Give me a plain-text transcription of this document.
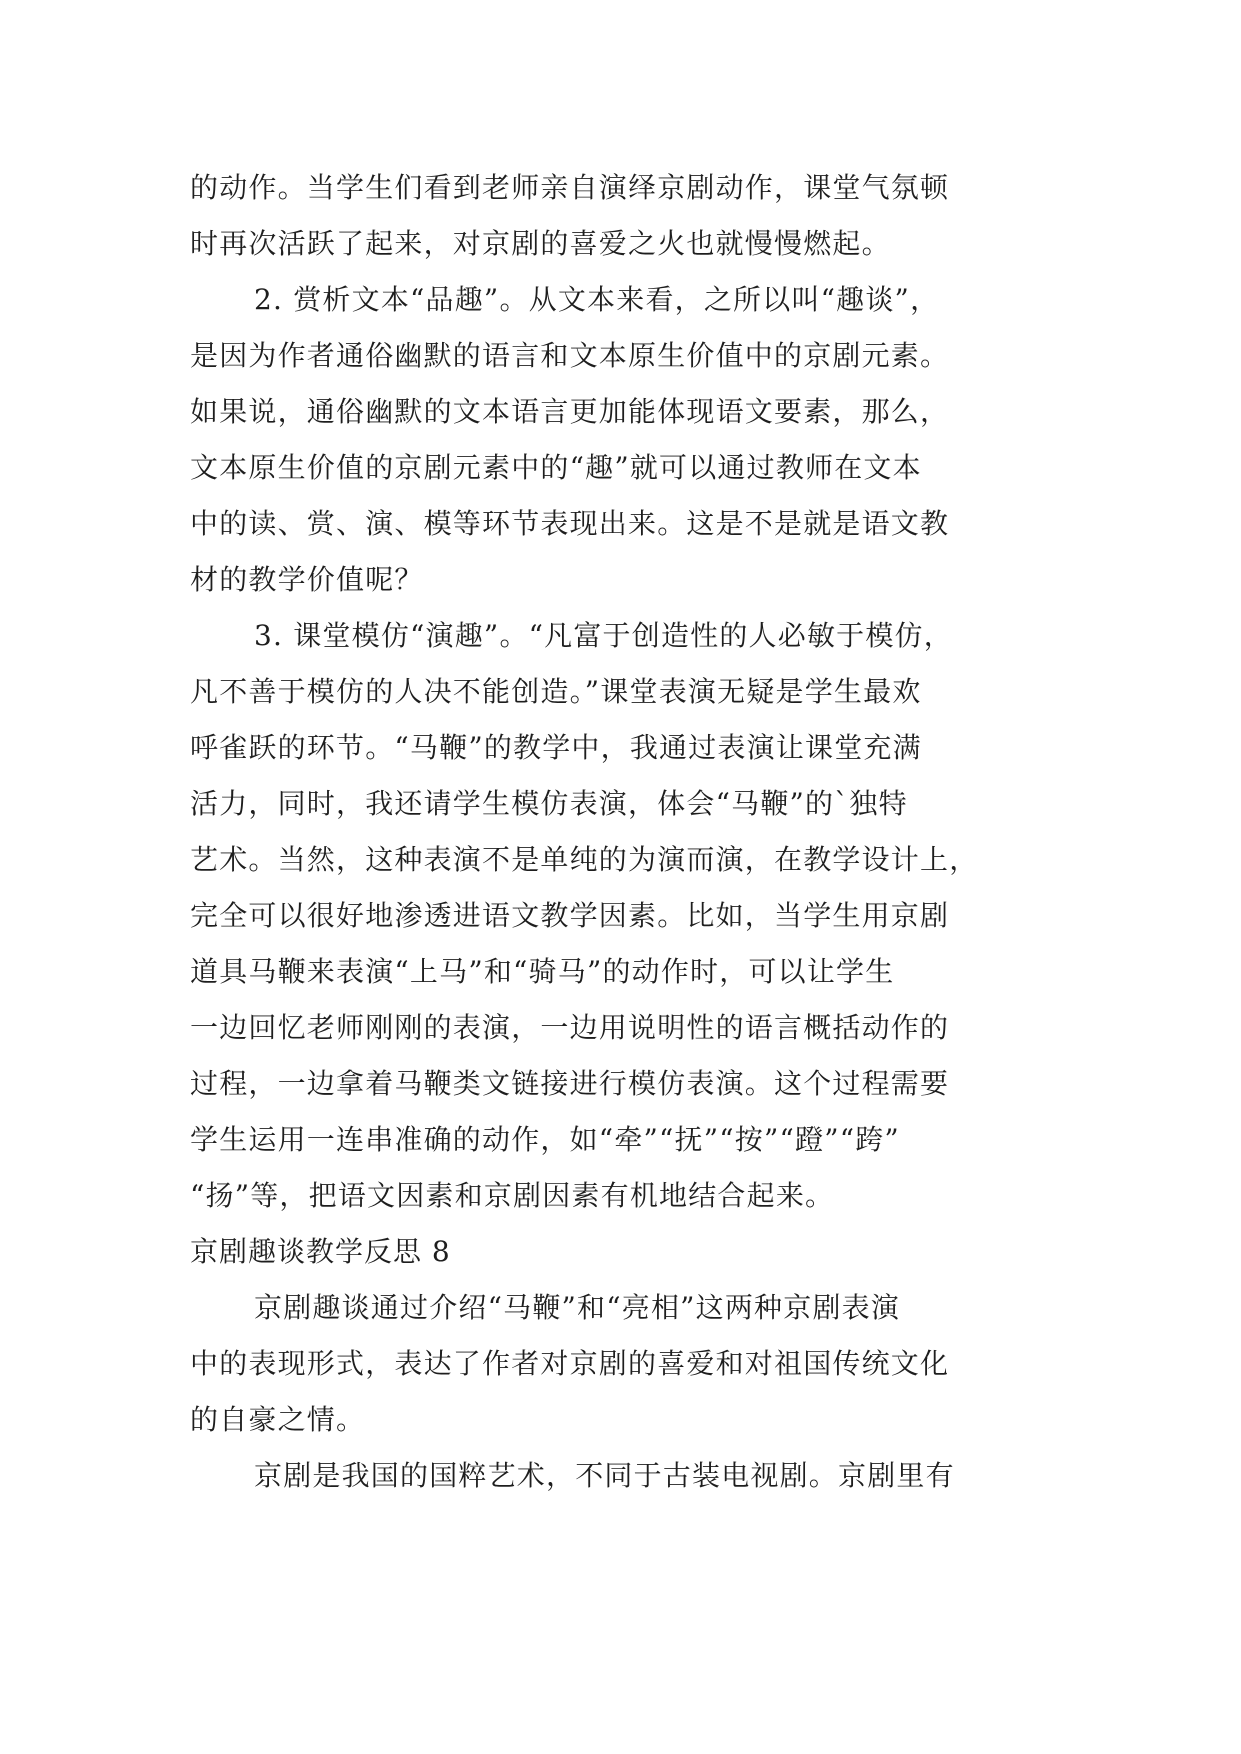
的动作。当学生们看到老师亲自演绎京剧动作，课堂气氛顿
时再次活跃了起来，对京剧的喜爱之火也就慢慢燃起。

2. 赏析文本“品趣”。从文本来看，之所以叫“趣谈”，
是因为作者通俗幽默的语言和文本原生价值中的京剧元素。
如果说，通俗幽默的文本语言更加能体现语文要素，那么，
文本原生价值的京剧元素中的“趣”就可以通过教师在文本
中的读、赏、演、模等环节表现出来。这是不是就是语文教
材的教学价值呢？

3. 课堂模仿“演趣”。“凡富于创造性的人必敏于模仿，
凡不善于模仿的人决不能创造。”课堂表演无疑是学生最欢
呼雀跃的环节。“马鞭”的教学中，我通过表演让课堂充满
活力，同时，我还请学生模仿表演，体会“马鞭”的`独特
艺术。当然，这种表演不是单纯的为演而演，在教学设计上，
完全可以很好地渗透进语文教学因素。比如，当学生用京剧
道具马鞭来表演“上马”和“骑马”的动作时，可以让学生
一边回忆老师刚刚的表演，一边用说明性的语言概括动作的
过程，一边拿着马鞭类文链接进行模仿表演。这个过程需要
学生运用一连串准确的动作，如“牵”“抚”“按”“蹬”“跨”
“扬”等，把语文因素和京剧因素有机地结合起来。

京剧趣谈教学反思 8

京剧趣谈通过介绍“马鞭”和“亮相”这两种京剧表演
中的表现形式，表达了作者对京剧的喜爱和对祖国传统文化
的自豪之情。

京剧是我国的国粹艺术，不同于古装电视剧。京剧里有
